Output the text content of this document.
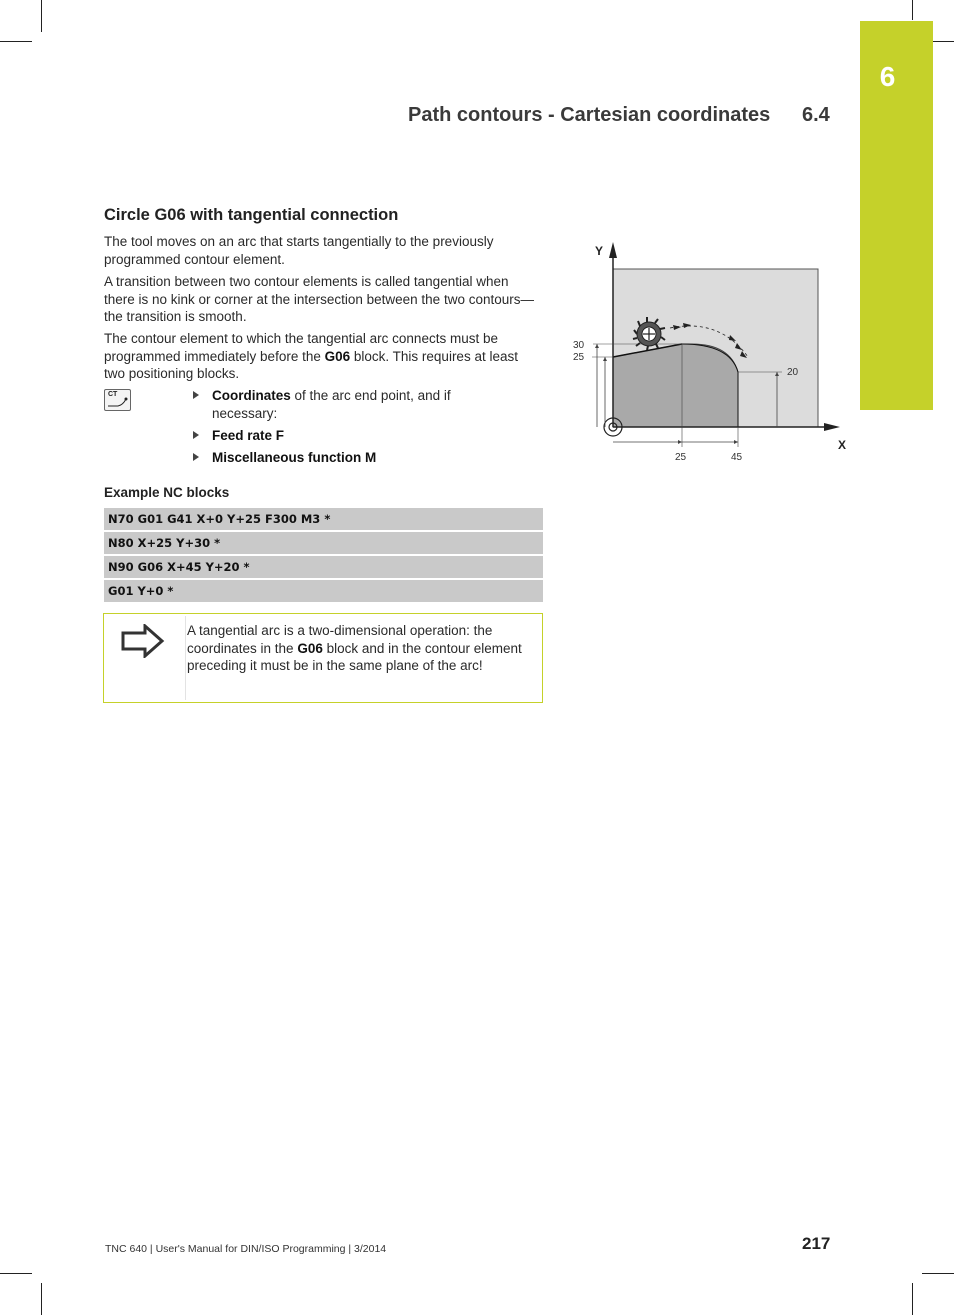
6
Path contours - Cartesian coordinates 6.4
Circle G06 with tangential connection
The tool moves on an arc that starts tangentially to the previously programmed contour element.
A transition between two contour elements is called tangential when there is no kink or corner at the intersection between the two contours—the transition is smooth.
The contour element to which the tangential arc connects must be programmed immediately before the G06 block. This requires at least two positioning blocks.
CT	Coordinates of the arc end point, and if necessary:
Feed rate F
Miscellaneous function M
Example NC blocks
N70 G01 G41 X+0 Y+25 F300 M3 *
N80 X+25 Y+30 *
N90 G06 X+45 Y+20 *
G01 Y+0 *
A tangential arc is a two-dimensional operation: the coordinates in the G06 block and in the contour element preceding it must be in the same plane of the arc!
Y
X
30
25
20
25	45
TNC 640 | User's Manual for DIN/ISO Programming | 3/2014	217
